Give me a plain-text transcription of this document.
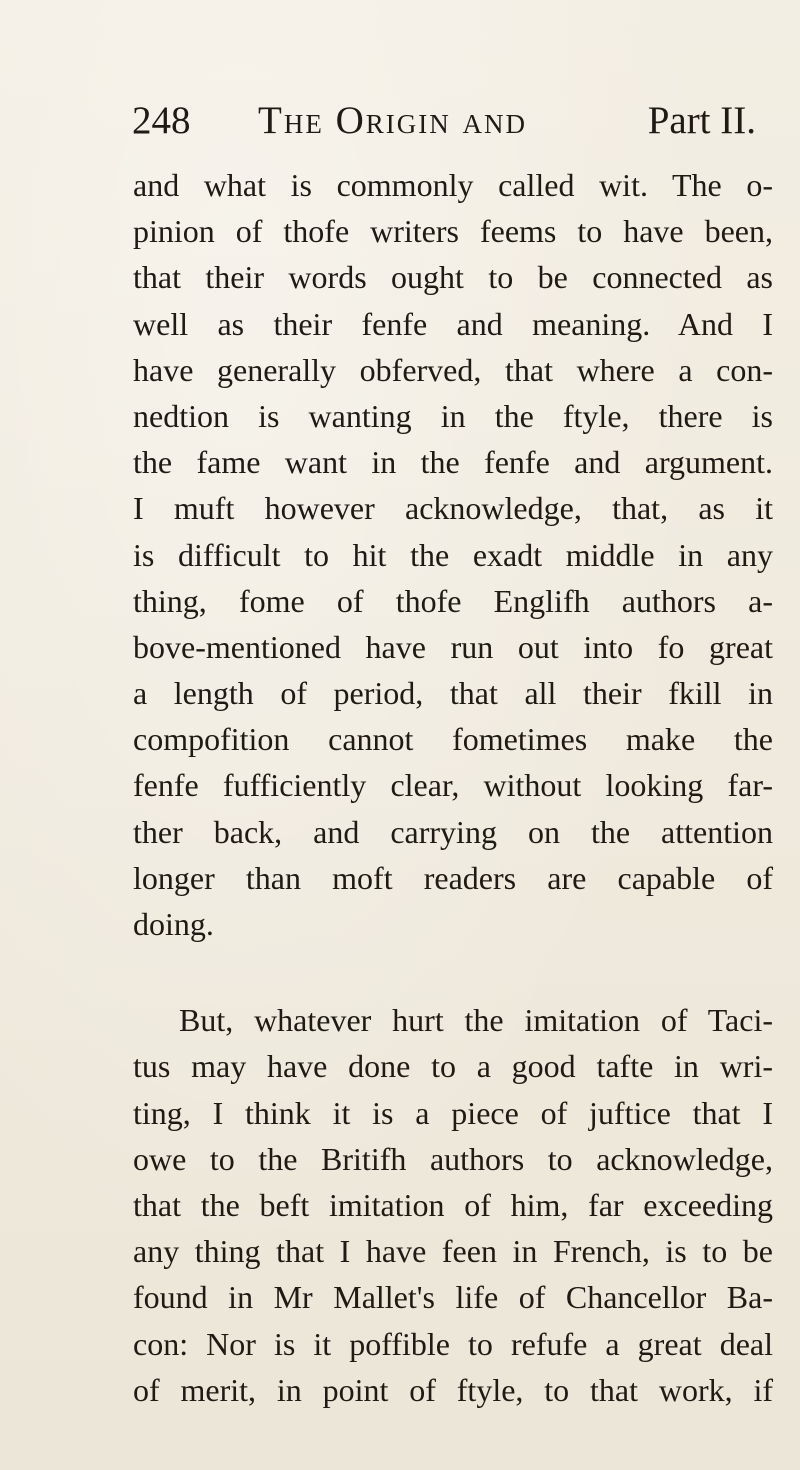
248 The Origin and	Part II.
and what is commonly called wit. The o-
pinion of thofe writers feems to have been,
that their words ought to be connected as
well as their fenfe and meaning. And I
have generally obferved, that where a con-
nedtion is wanting in the ftyle, there is
the fame want in the fenfe and argument.
I muft however acknowledge, that, as it
is difficult to hit the exadt middle in any
thing, fome of thofe Englifh authors a-
bove-mentioned have run out into fo great
a length of period, that all their fkill in
compofition cannot fometimes make the
fenfe fufficiently clear, without looking far-
ther back, and carrying on the attention
longer than moft readers are capable of
doing.
But, whatever hurt the imitation of Taci-
tus may have done to a good tafte in wri-
ting, I think it is a piece of juftice that I
owe to the Britifh authors to acknowledge,
that the beft imitation of him, far exceeding
any thing that I have feen in French, is to be
found in Mr Mallet's life of Chancellor Ba-
con: Nor is it poffible to refufe a great deal
of merit, in point of ftyle, to that work, if
